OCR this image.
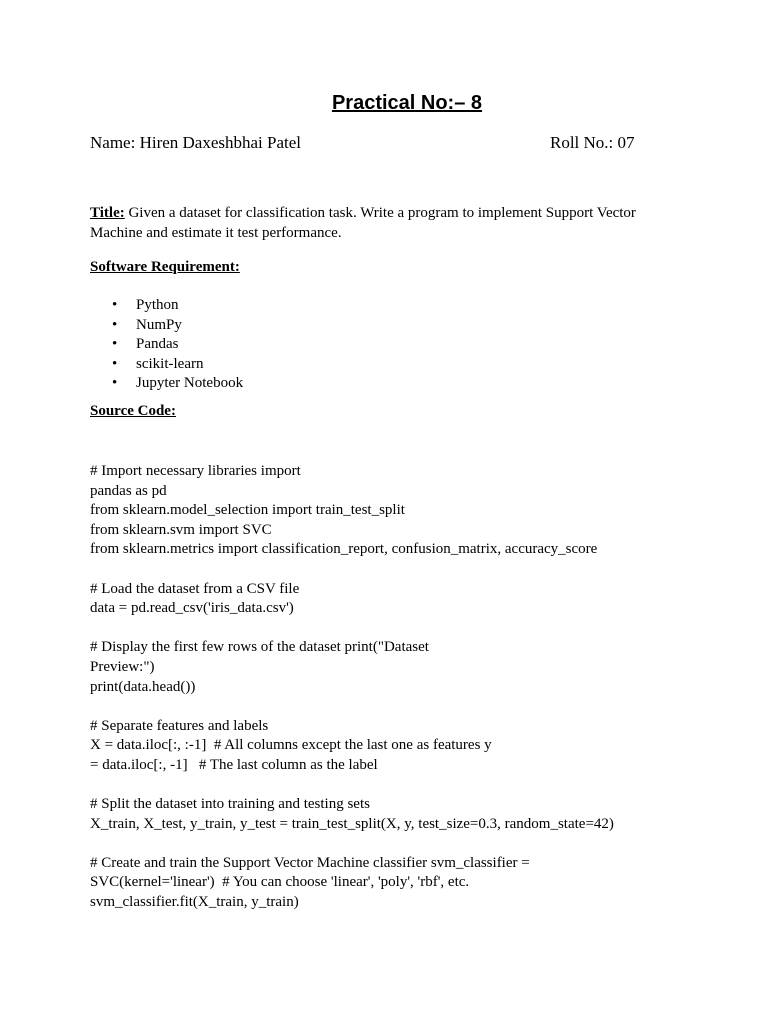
Practical No:– 8
Name: Hiren Daxeshbhai Patel	Roll No.: 07
Title: Given a dataset for classification task. Write a program to implement Support Vector Machine and estimate it test performance.
Software Requirement:
• Python
• NumPy
• Pandas
• scikit-learn
• Jupyter Notebook
Source Code:
# Import necessary libraries import
pandas as pd
from sklearn.model_selection import train_test_split
from sklearn.svm import SVC
from sklearn.metrics import classification_report, confusion_matrix, accuracy_score
# Load the dataset from a CSV file
data = pd.read_csv('iris_data.csv')
# Display the first few rows of the dataset print("Dataset
Preview:")
print(data.head())
# Separate features and labels
X = data.iloc[:, :-1]  # All columns except the last one as features y
= data.iloc[:, -1]   # The last column as the label
# Split the dataset into training and testing sets
X_train, X_test, y_train, y_test = train_test_split(X, y, test_size=0.3, random_state=42)
# Create and train the Support Vector Machine classifier svm_classifier =
SVC(kernel='linear')  # You can choose 'linear', 'poly', 'rbf', etc.
svm_classifier.fit(X_train, y_train)
